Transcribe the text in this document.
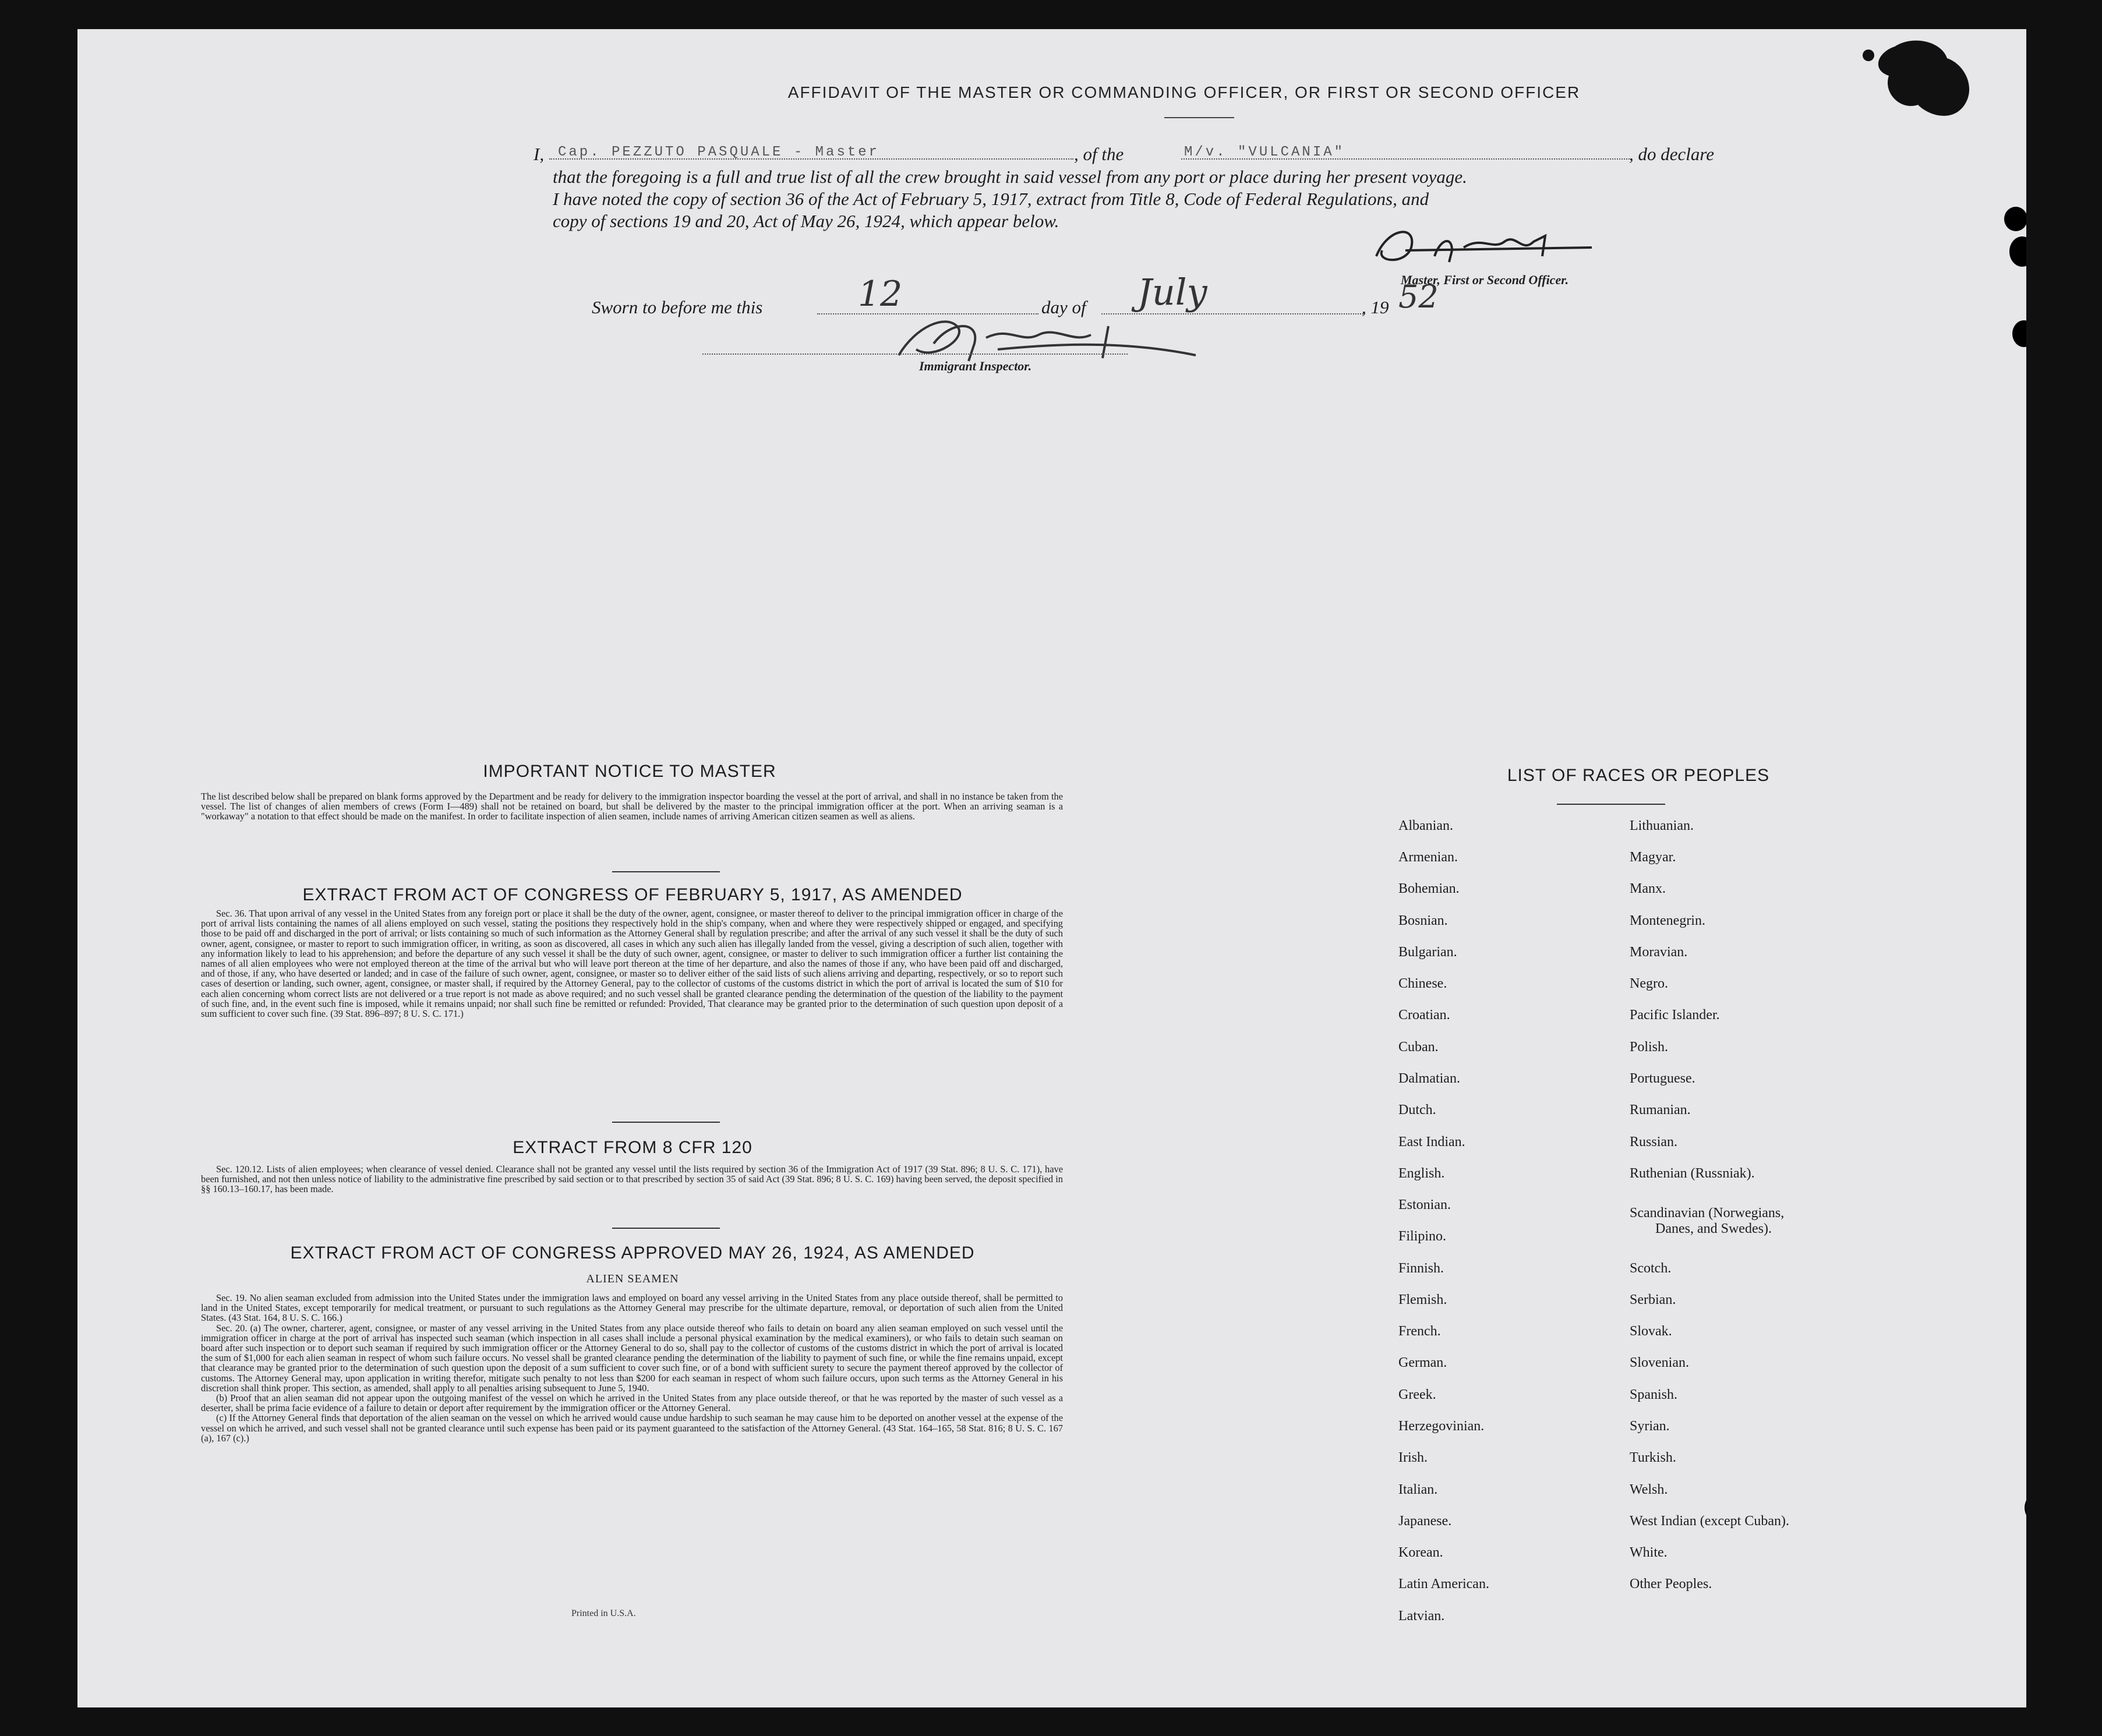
AFFIDAVIT OF THE MASTER OR COMMANDING OFFICER, OR FIRST OR SECOND OFFICER
I, Cap. PEZZUTO PASQUALE - Master	, of the	M/v. "VULCANIA"	, do declare
that the foregoing is a full and true list of all the crew brought in said vessel from any port or place during her present voyage.
I have noted the copy of section 36 of the Act of February 5, 1917, extract from Title 8, Code of Federal Regulations, and
copy of sections 19 and 20, Act of May 26, 1924, which appear below.
Master, First or Second Officer.
Sworn to before me this	12	day of July	, 19 52
Immigrant Inspector.
IMPORTANT NOTICE TO MASTER
The list described below shall be prepared on blank forms approved by the Department and be ready for delivery to the immigration inspector boarding the vessel at the port of arrival, and shall in no instance be taken from the vessel. The list of changes of alien members of crews (Form I—489) shall not be retained on board, but shall be delivered by the master to the principal immigration officer at the port. When an arriving seaman is a "workaway" a notation to that effect should be made on the manifest. In order to facilitate inspection of alien seamen, include names of arriving American citizen seamen as well as aliens.
EXTRACT FROM ACT OF CONGRESS OF FEBRUARY 5, 1917, AS AMENDED
Sec. 36. That upon arrival of any vessel in the United States from any foreign port or place it shall be the duty of the owner, agent, consignee, or master thereof to deliver to the principal immigration officer in charge of the port of arrival lists containing the names of all aliens employed on such vessel, stating the positions they respectively hold in the ship's company, when and where they were respectively shipped or engaged, and specifying those to be paid off and discharged in the port of arrival; or lists containing so much of such information as the Attorney General shall by regulation prescribe; and after the arrival of any such vessel it shall be the duty of such owner, agent, consignee, or master to report to such immigration officer, in writing, as soon as discovered, all cases in which any such alien has illegally landed from the vessel, giving a description of such alien, together with any information likely to lead to his apprehension; and before the departure of any such vessel it shall be the duty of such owner, agent, consignee, or master to deliver to such immigration officer a further list containing the names of all alien employees who were not employed thereon at the time of the arrival but who will leave port thereon at the time of her departure, and also the names of those if any, who have been paid off and discharged, and of those, if any, who have deserted or landed; and in case of the failure of such owner, agent, consignee, or master so to deliver either of the said lists of such aliens arriving and departing, respectively, or so to report such cases of desertion or landing, such owner, agent, consignee, or master shall, if required by the Attorney General, pay to the collector of customs of the customs district in which the port of arrival is located the sum of $10 for each alien concerning whom correct lists are not delivered or a true report is not made as above required; and no such vessel shall be granted clearance pending the determination of the question of the liability to the payment of such fine, and, in the event such fine is imposed, while it remains unpaid; nor shall such fine be remitted or refunded: Provided, That clearance may be granted prior to the determination of such question upon deposit of a sum sufficient to cover such fine. (39 Stat. 896–897; 8 U. S. C. 171.)
EXTRACT FROM 8 CFR 120
Sec. 120.12. Lists of alien employees; when clearance of vessel denied. Clearance shall not be granted any vessel until the lists required by section 36 of the Immigration Act of 1917 (39 Stat. 896; 8 U. S. C. 171), have been furnished, and not then unless notice of liability to the administrative fine prescribed by said section or to that prescribed by section 35 of said Act (39 Stat. 896; 8 U. S. C. 169) having been served, the deposit specified in §§ 160.13–160.17, has been made.
EXTRACT FROM ACT OF CONGRESS APPROVED MAY 26, 1924, AS AMENDED
ALIEN SEAMEN
Sec. 19. No alien seaman excluded from admission into the United States under the immigration laws and employed on board any vessel arriving in the United States from any place outside thereof, shall be permitted to land in the United States, except temporarily for medical treatment, or pursuant to such regulations as the Attorney General may prescribe for the ultimate departure, removal, or deportation of such alien from the United States. (43 Stat. 164, 8 U. S. C. 166.)
Sec. 20. (a) The owner, charterer, agent, consignee, or master of any vessel arriving in the United States from any place outside thereof who fails to detain on board any alien seaman employed on such vessel until the immigration officer in charge at the port of arrival has inspected such seaman (which inspection in all cases shall include a personal physical examination by the medical examiners), or who fails to detain such seaman on board after such inspection or to deport such seaman if required by such immigration officer or the Attorney General to do so, shall pay to the collector of customs of the customs district in which the port of arrival is located the sum of $1,000 for each alien seaman in respect of whom such failure occurs. No vessel shall be granted clearance pending the determination of the liability to payment of such fine, or while the fine remains unpaid, except that clearance may be granted prior to the determination of such question upon the deposit of a sum sufficient to cover such fine, or of a bond with sufficient surety to secure the payment thereof approved by the collector of customs. The Attorney General may, upon application in writing therefor, mitigate such penalty to not less than $200 for each seaman in respect of whom such failure occurs, upon such terms as the Attorney General in his discretion shall think proper. This section, as amended, shall apply to all penalties arising subsequent to June 5, 1940.
(b) Proof that an alien seaman did not appear upon the outgoing manifest of the vessel on which he arrived in the United States from any place outside thereof, or that he was reported by the master of such vessel as a deserter, shall be prima facie evidence of a failure to detain or deport after requirement by the immigration officer or the Attorney General.
(c) If the Attorney General finds that deportation of the alien seaman on the vessel on which he arrived would cause undue hardship to such seaman he may cause him to be deported on another vessel at the expense of the vessel on which he arrived, and such vessel shall not be granted clearance until such expense has been paid or its payment guaranteed to the satisfaction of the Attorney General. (43 Stat. 164–165, 58 Stat. 816; 8 U. S. C. 167 (a), 167 (c).)
Printed in U.S.A.
LIST OF RACES OR PEOPLES
Albanian.
Armenian.
Bohemian.
Bosnian.
Bulgarian.
Chinese.
Croatian.
Cuban.
Dalmatian.
Dutch.
East Indian.
English.
Estonian.
Filipino.
Finnish.
Flemish.
French.
German.
Greek.
Herzegovinian.
Irish.
Italian.
Japanese.
Korean.
Latin American.
Latvian.
Lithuanian.
Magyar.
Manx.
Montenegrin.
Moravian.
Negro.
Pacific Islander.
Polish.
Portuguese.
Rumanian.
Russian.
Ruthenian (Russniak).
Scandinavian (Norwegians,
Danes, and Swedes).
Scotch.
Serbian.
Slovak.
Slovenian.
Spanish.
Syrian.
Turkish.
Welsh.
West Indian (except Cuban).
White.
Other Peoples.
